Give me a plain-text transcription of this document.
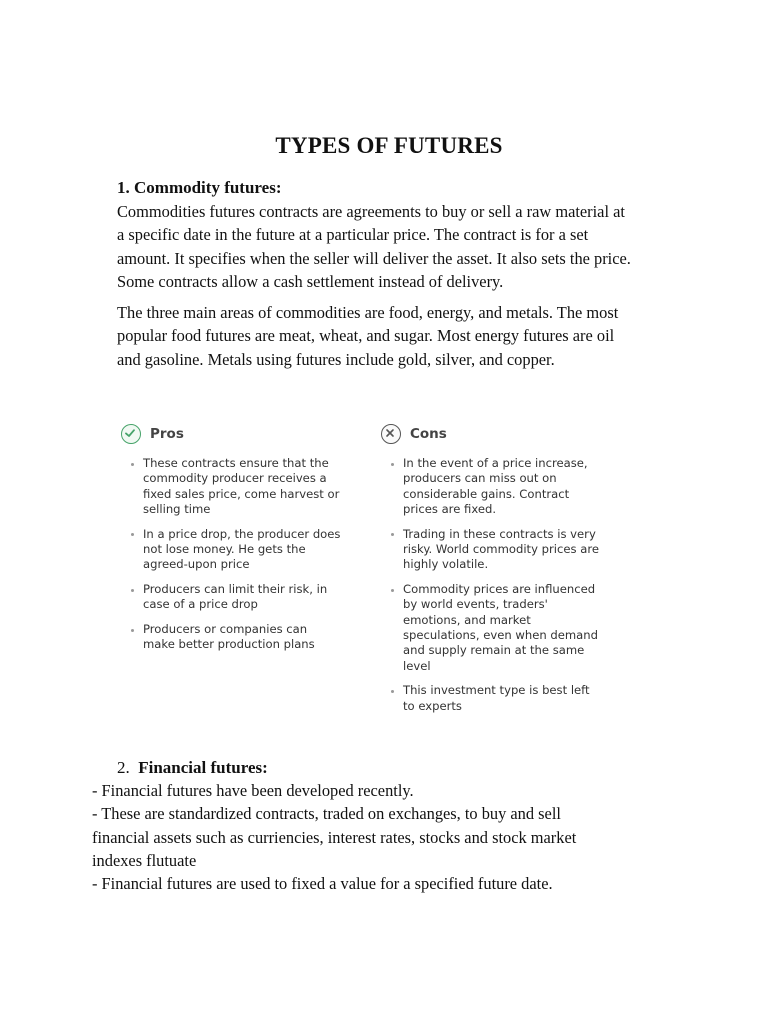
TYPES OF FUTURES
1. Commodity futures:
Commodities futures contracts are agreements to buy or sell a raw material at
a specific date in the future at a particular price. The contract is for a set
amount. It specifies when the seller will deliver the asset. It also sets the price.
Some contracts allow a cash settlement instead of delivery.
The three main areas of commodities are food, energy, and metals. The most
popular food futures are meat, wheat, and sugar. Most energy futures are oil
and gasoline. Metals using futures include gold, silver, and copper.
Pros	Cons
These contracts ensure that the
commodity producer receives a
fixed sales price, come harvest or
selling time
In a price drop, the producer does
not lose money. He gets the
agreed-upon price
Producers can limit their risk, in
case of a price drop
Producers or companies can
make better production plans
In the event of a price increase,
producers can miss out on
considerable gains. Contract
prices are fixed.
Trading in these contracts is very
risky. World commodity prices are
highly volatile.
Commodity prices are influenced
by world events, traders'
emotions, and market
speculations, even when demand
and supply remain at the same
level
This investment type is best left
to experts
2. Financial futures:
- Financial futures have been developed recently.
- These are standardized contracts, traded on exchanges, to buy and sell
financial assets such as curriencies, interest rates, stocks and stock market
indexes flutuate
- Financial futures are used to fixed a value for a specified future date.
